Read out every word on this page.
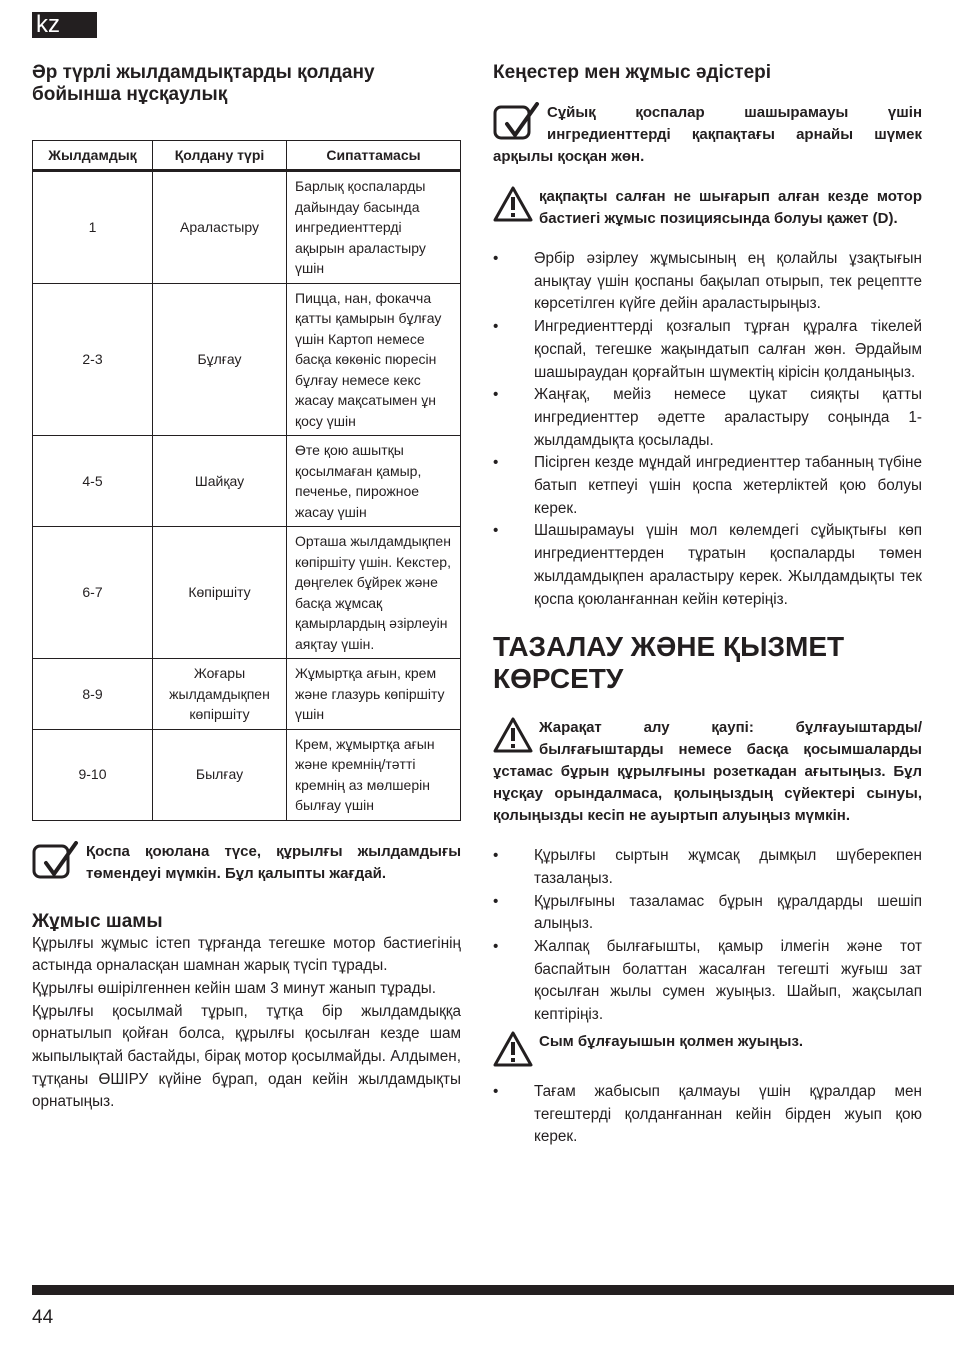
kz
Әр түрлі жылдамдықтарды қолдану бойынша нұсқаулық
Жылдамдық	Қолдану түрі	Сипаттамасы
1	Араластыру	Барлық қоспаларды дайындау басында ингредиенттерді ақырын араластыру үшін
2-3	Бұлғау	Пицца, нан, фокачча қатты қамырын бұлғау үшін Картоп немесе басқа көкөніс пюресін бұлғау немесе кекс жасау мақсатымен ұн қосу үшін
4-5	Шайқау	Өте қою ашытқы қосылмаған қамыр, печенье, пирожное жасау үшін
6-7	Көпіршіту	Орташа жылдамдықпен көпіршіту үшін. Кекстер, дөңгелек бұйрек және басқа жұмсақ қамырлардың әзірлеуін аяқтау үшін.
8-9	Жоғары жылдамдықпен көпіршіту	Жұмыртқа ағын, крем және глазурь көпіршіту үшін
9-10	Былғау	Крем, жұмыртқа ағын және кремнің/тәтті кремнің аз мөлшерін былғау үшін
Қоспа қоюлана түсе, құрылғы жылдамдығы төмендеуі мүмкін. Бұл қалыпты жағдай.
Жұмыс шамы

Құрылғы жұмыс істеп тұрғанда тегешке мотор бастиегінің астында орналасқан шамнан жарық түсіп тұрады.

Құрылғы өшірілгеннен кейін шам 3 минут жанып тұрады.

Құрылғы қосылмай тұрып, тұтқа бір жылдамдыққа орнатылып қойған болса, құрылғы қосылған кезде шам жыпылықтай бастайды, бірақ мотор қосылмайды. Алдымен, тұтқаны ӨШІРУ күйіне бұрап, одан кейін жылдамдықты орнатыңыз.

Кеңестер мен жұмыс әдістері
Сұйық қоспалар шашырамауы үшін ингредиенттерді қақпақтағы арнайы шүмек арқылы қосқан жөн.
қақпақты салған не шығарып алған кезде мотор бастиегі жұмыс позициясында болуы қажет (D).
•	Әрбір әзірлеу жұмысының ең қолайлы ұзақтығын анықтау үшін қоспаны бақылап отырып, тек рецептте көрсетілген күйге дейін араластырыңыз.
•	Ингредиенттерді қозғалып тұрған құралға тікелей қоспай, тегешке жақындатып салған жөн. Әрдайым шашыраудан қорғайтын шүмектің кірісін қолданыңыз.
•	Жаңғақ, мейіз немесе цукат сияқты қатты ингредиенттер әдетте араластыру соңында 1-жылдамдықта қосылады.
•	Пісірген кезде мұндай ингредиенттер табанның түбіне батып кетпеуі үшін қоспа жетерліктей қою болуы керек.
•	Шашырамауы үшін мол көлемдегі сұйықтығы көп ингредиенттерден тұратын қоспаларды төмен жылдамдықпен араластыру керек. Жылдамдықты тек қоспа қоюланғаннан кейін көтеріңіз.
ТАЗАЛАУ ЖӘНЕ ҚЫЗМЕТ КӨРСЕТУ
Жарақат алу қаупі: бұлғауыштарды/ былғағыштарды немесе басқа қосымшаларды ұстамас бұрын құрылғыны розеткадан ағытыңыз. Бұл нұсқау орындалмаса, қолыңыздың сүйектері сынуы, қолыңызды кесіп не ауыртып алуыңыз мүмкін.
•	Құрылғы сыртын жұмсақ дымқыл шүберекпен тазалаңыз.
•	Құрылғыны тазаламас бұрын құралдарды шешіп алыңыз.
•	Жалпақ былғағышты, қамыр ілмегін және тот баспайтын болаттан жасалған тегешті жуғыш зат қосылған жылы сумен жуыңыз. Шайып, жақсылап кептіріңіз.
Сым бұлғауышын қолмен жуыңыз.
•	Тағам жабысып қалмауы үшін құралдар мен тегештерді қолданғаннан кейін бірден жуып қою керек.
44
